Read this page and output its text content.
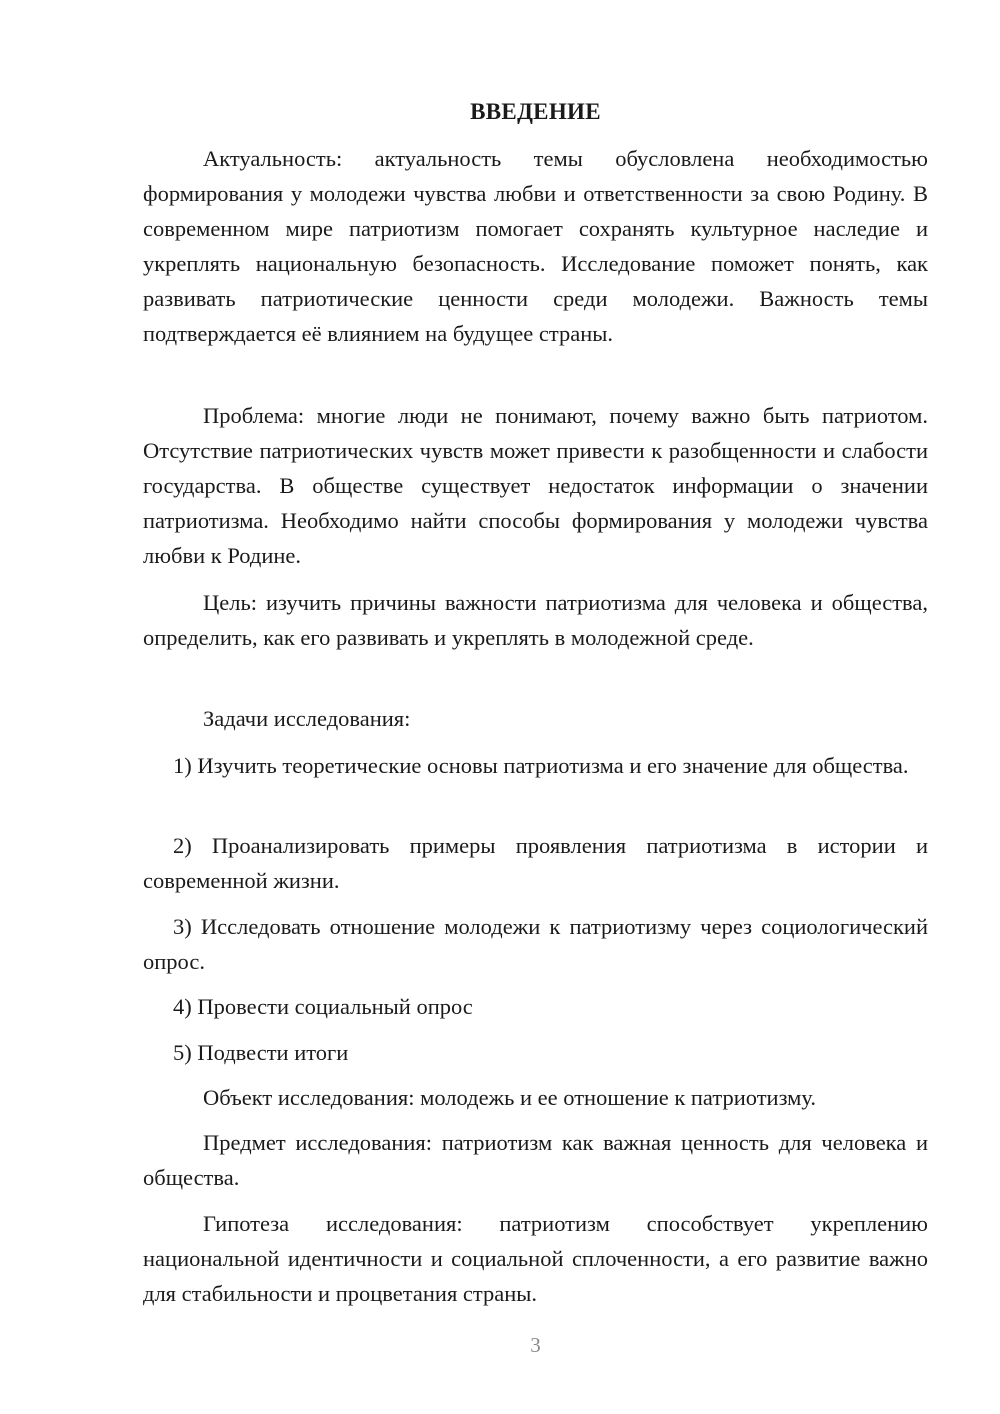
ВВЕДЕНИЕ

Актуальность: актуальность темы обусловлена необходимостью формирования у молодежи чувства любви и ответственности за свою Родину. В современном мире патриотизм помогает сохранять культурное наследие и укреплять национальную безопасность. Исследование поможет понять, как развивать патриотические ценности среди молодежи. Важность темы подтверждается её влиянием на будущее страны.

Проблема: многие люди не понимают, почему важно быть патриотом. Отсутствие патриотических чувств может привести к разобщенности и слабости государства. В обществе существует недостаток информации о значении патриотизма. Необходимо найти способы формирования у молодежи чувства любви к Родине.

Цель: изучить причины важности патриотизма для человека и общества, определить, как его развивать и укреплять в молодежной среде.

Задачи исследования:

1) Изучить теоретические основы патриотизма и его значение для общества.

2) Проанализировать примеры проявления патриотизма в истории и современной жизни.

3) Исследовать отношение молодежи к патриотизму через социологический опрос.

4) Провести социальный опрос

5) Подвести итоги

Объект исследования: молодежь и ее отношение к патриотизму.

Предмет исследования: патриотизм как важная ценность для человека и общества.

Гипотеза исследования: патриотизм способствует укреплению национальной идентичности и социальной сплоченности, а его развитие важно для стабильности и процветания страны.

3
